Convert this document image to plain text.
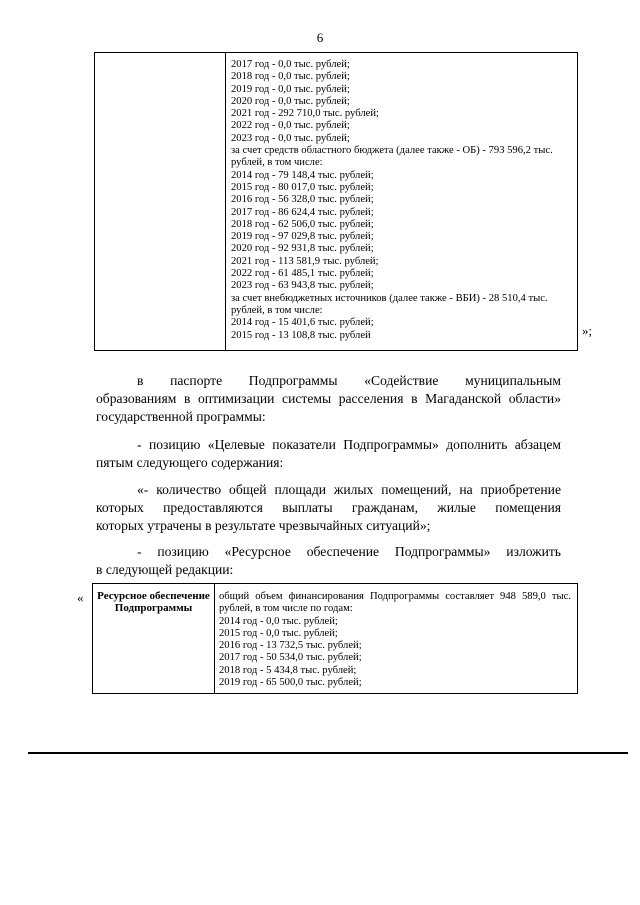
6
2017 год - 0,0 тыс. рублей;
2018 год - 0,0 тыс. рублей;
2019 год - 0,0 тыс. рублей;
2020 год - 0,0 тыс. рублей;
2021 год - 292 710,0 тыс. рублей;
2022 год - 0,0 тыс. рублей;
2023 год - 0,0 тыс. рублей;
за счет средств областного бюджета (далее также - ОБ) - 793 596,2 тыс. рублей, в том числе:
2014 год - 79 148,4 тыс. рублей;
2015 год - 80 017,0 тыс. рублей;
2016 год - 56 328,0 тыс. рублей;
2017 год - 86 624,4 тыс. рублей;
2018 год - 62 506,0 тыс. рублей;
2019 год - 97 029,8 тыс. рублей;
2020 год - 92 931,8 тыс. рублей;
2021 год - 113 581,9 тыс. рублей;
2022 год - 61 485,1 тыс. рублей;
2023 год - 63 943,8 тыс. рублей;
за счет внебюджетных источников (далее также - ВБИ) - 28 510,4 тыс. рублей, в том числе:
2014 год - 15 401,6 тыс. рублей;
2015 год - 13 108,8 тыс. рублей	»;
в паспорте Подпрограммы «Содействие муниципальным
образованиям в оптимизации системы расселения в Магаданской области»
государственной программы:
- позицию «Целевые показатели Подпрограммы» дополнить абзацем
пятым следующего содержания:
«- количество общей площади жилых помещений, на приобретение
которых предоставляются выплаты гражданам, жилые помещения
которых утрачены в результате чрезвычайных ситуаций»;
- позицию «Ресурсное обеспечение Подпрограммы» изложить
в следующей редакции:
« Ресурсное обеспечение Подпрограммы
общий объем финансирования Подпрограммы составляет 948 589,0 тыс. рублей, в том числе по годам:
2014 год - 0,0 тыс. рублей;
2015 год - 0,0 тыс. рублей;
2016 год - 13 732,5 тыс. рублей;
2017 год - 50 534,0 тыс. рублей;
2018 год - 5 434,8 тыс. рублей;
2019 год - 65 500,0 тыс. рублей;
